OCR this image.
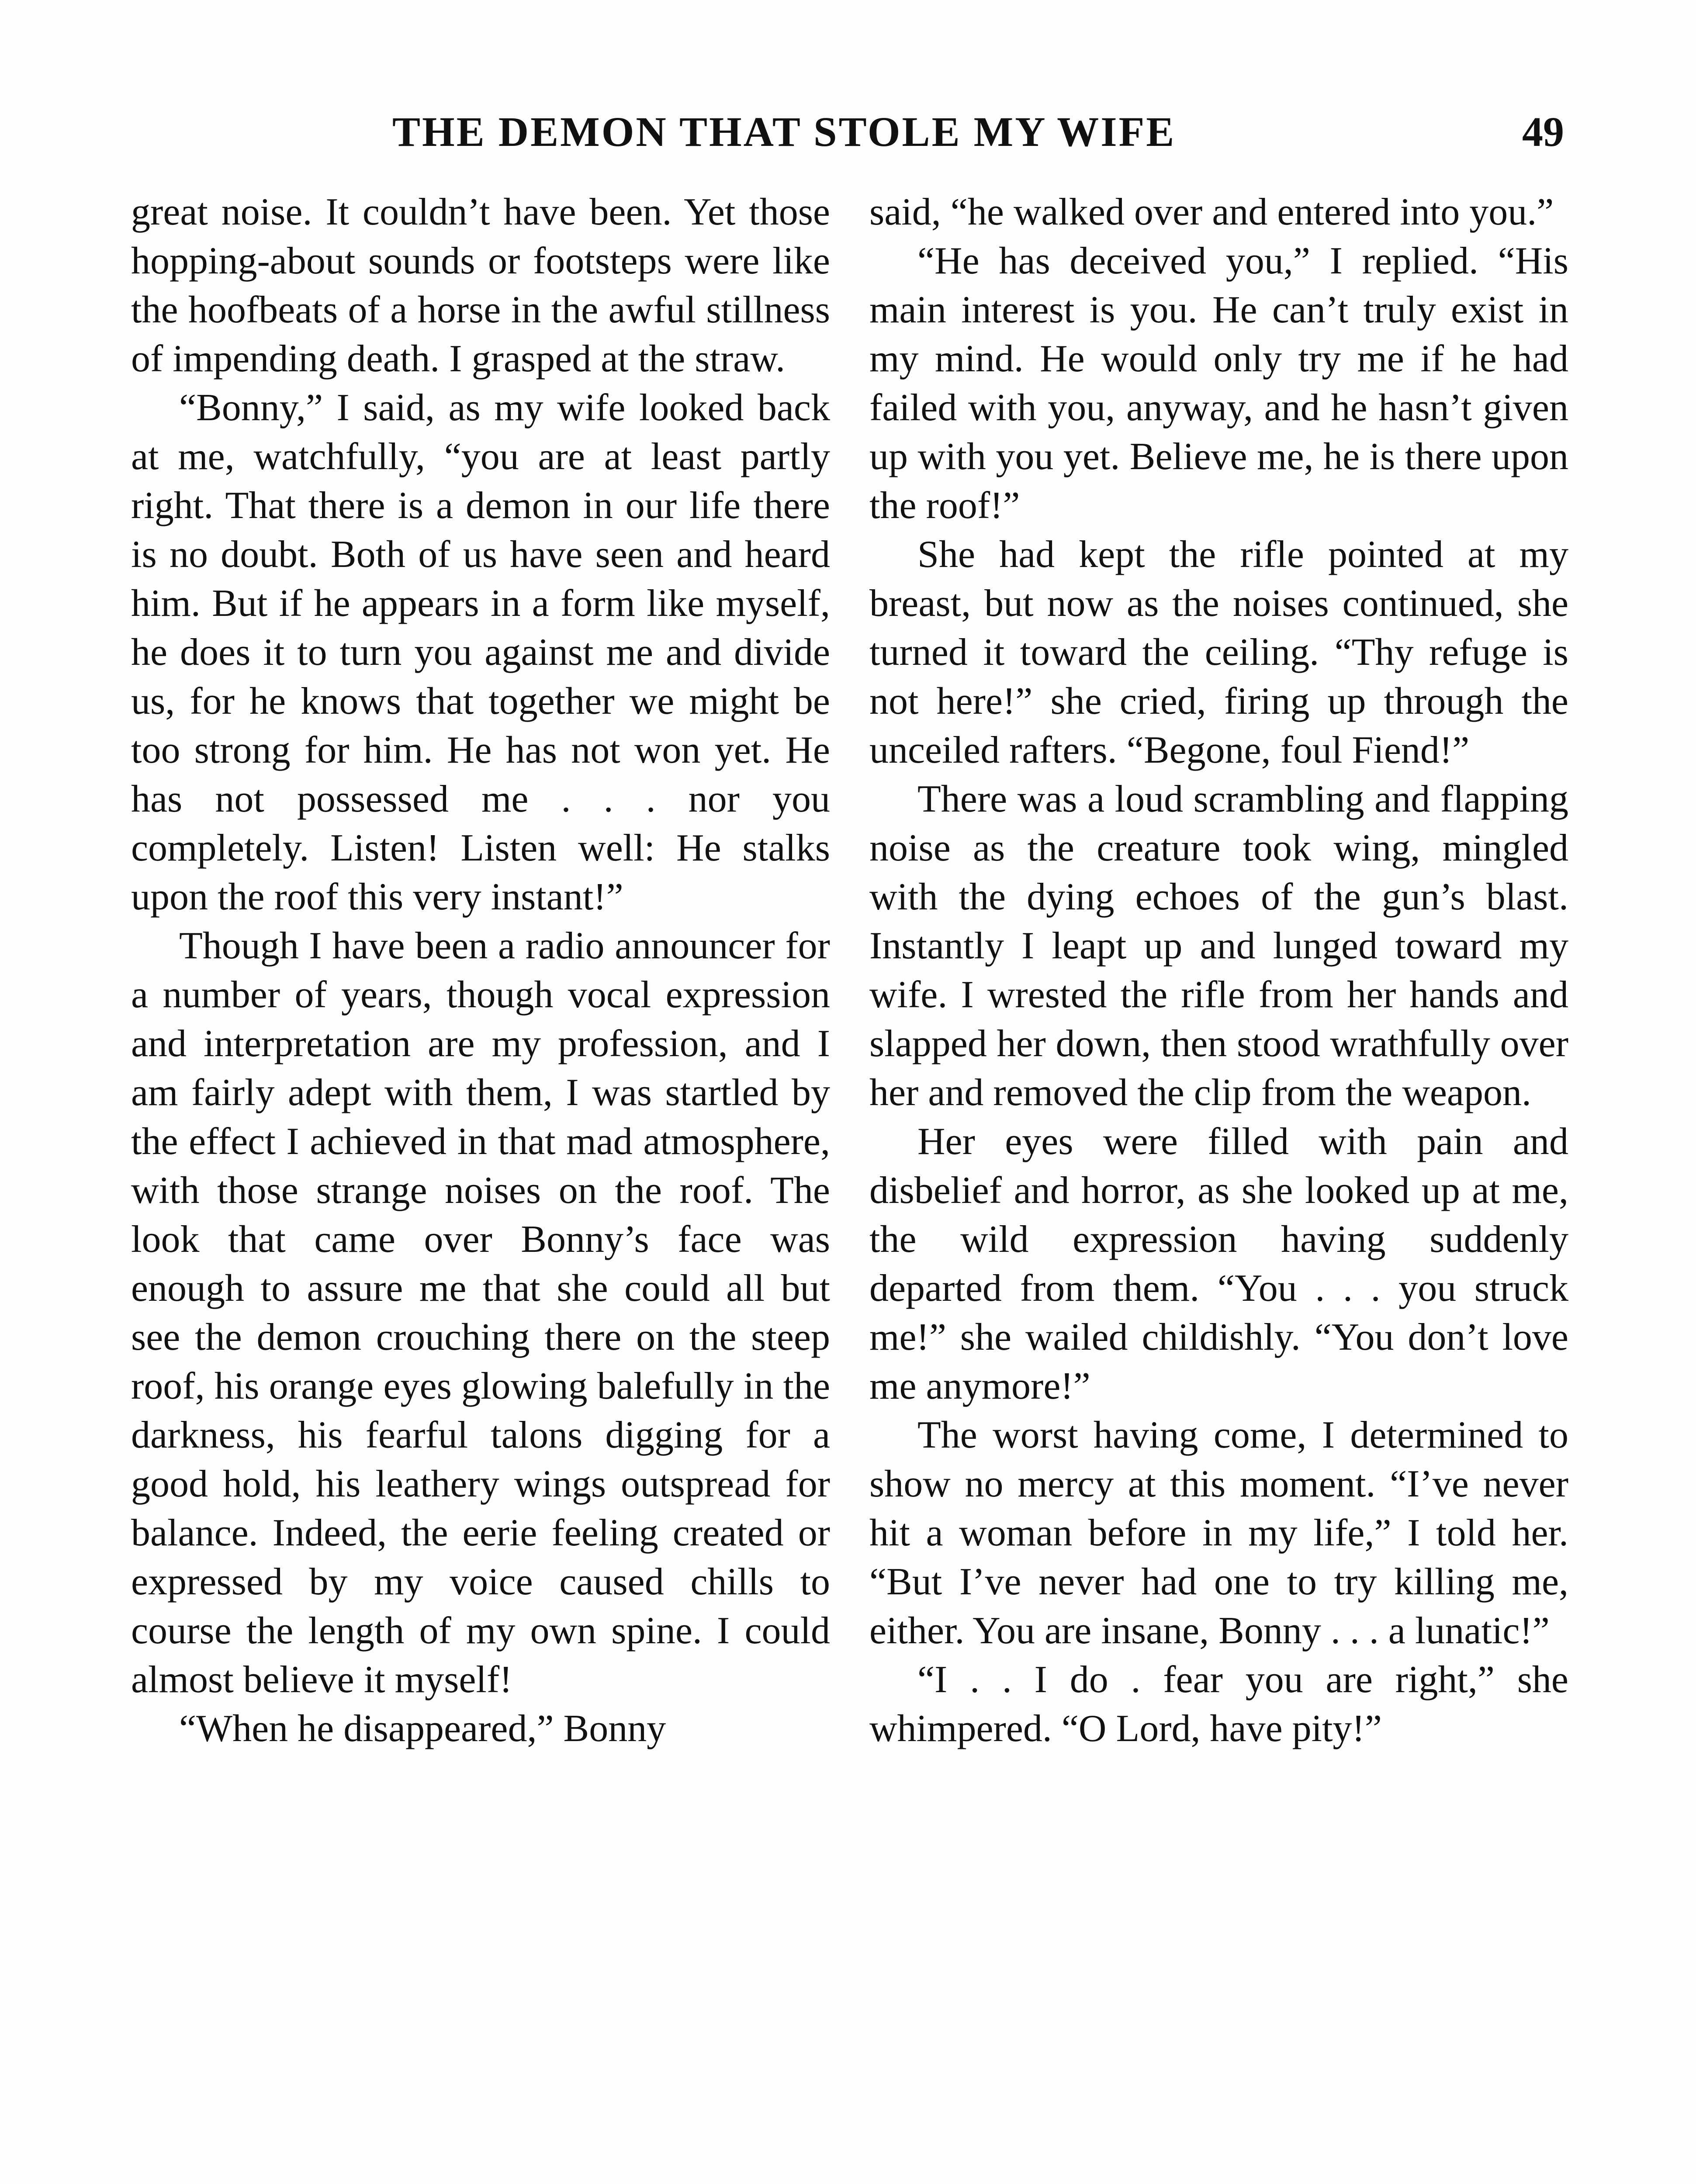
THE DEMON THAT STOLE MY WIFE	49

great noise. It couldn’t have been. Yet those hopping-about sounds or footsteps were like the hoofbeats of a horse in the awful stillness of impending death. I grasped at the straw.

“Bonny,” I said, as my wife looked back at me, watchfully, “you are at least partly right. That there is a demon in our life there is no doubt. Both of us have seen and heard him. But if he appears in a form like myself, he does it to turn you against me and divide us, for he knows that together we might be too strong for him. He has not won yet. He has not possessed me . . . nor you completely. Listen! Listen well: He stalks upon the roof this very instant!”

Though I have been a radio announcer for a number of years, though vocal expression and interpretation are my profession, and I am fairly adept with them, I was startled by the effect I achieved in that mad atmosphere, with those strange noises on the roof. The look that came over Bonny’s face was enough to assure me that she could all but see the demon crouching there on the steep roof, his orange eyes glowing balefully in the darkness, his fearful talons digging for a good hold, his leathery wings outspread for balance. Indeed, the eerie feeling created or expressed by my voice caused chills to course the length of my own spine. I could almost believe it myself!

“When he disappeared,” Bonny

said, “he walked over and entered into you.”

“He has deceived you,” I replied. “His main interest is you. He can’t truly exist in my mind. He would only try me if he had failed with you, anyway, and he hasn’t given up with you yet. Believe me, he is there upon the roof!”

She had kept the rifle pointed at my breast, but now as the noises continued, she turned it toward the ceiling. “Thy refuge is not here!” she cried, firing up through the unceiled rafters. “Begone, foul Fiend!”

There was a loud scrambling and flapping noise as the creature took wing, mingled with the dying echoes of the gun’s blast. Instantly I leapt up and lunged toward my wife. I wrested the rifle from her hands and slapped her down, then stood wrathfully over her and removed the clip from the weapon.

Her eyes were filled with pain and disbelief and horror, as she looked up at me, the wild expression having suddenly departed from them. “You . . . you struck me!” she wailed childishly. “You don’t love me anymore!”

The worst having come, I determined to show no mercy at this moment. “I’ve never hit a woman before in my life,” I told her. “But I’ve never had one to try killing me, either. You are insane, Bonny . . . a lunatic!”

“I . . I do . fear you are right,” she whimpered. “O Lord, have pity!”
